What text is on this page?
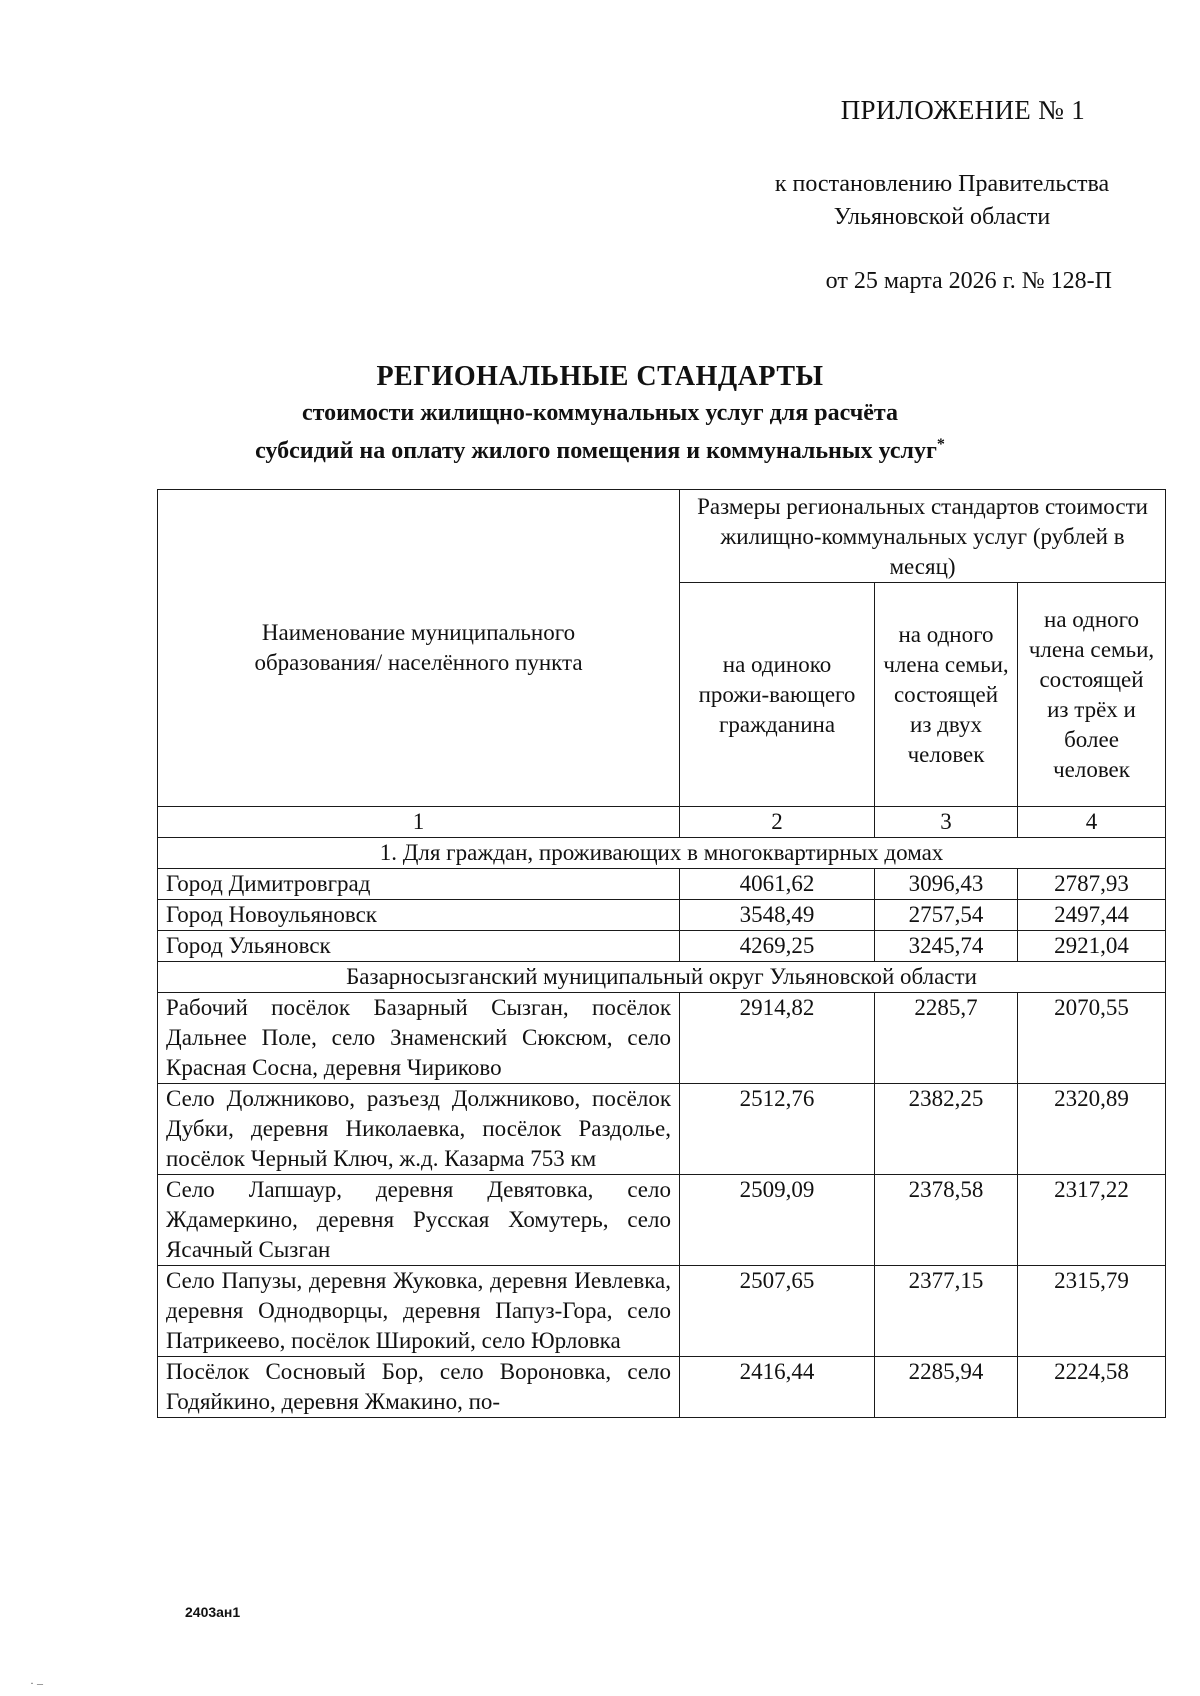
ПРИЛОЖЕНИЕ № 1
к постановлению Правительства
Ульяновской области
от 25 марта 2026 г. № 128-П
РЕГИОНАЛЬНЫЕ СТАНДАРТЫ
стоимости жилищно-коммунальных услуг для расчёта
субсидий на оплату жилого помещения и коммунальных услуг*
Наименование муниципального образования/ населённого пункта	Размеры региональных стандартов стоимости жилищно-коммунальных услуг (рублей в месяц)		
	на одиноко прожи-вающего гражданина	на одного члена семьи, состоящей из двух человек	на одного члена семьи, состоящей из трёх и более человек
1	2	3	4
1. Для граждан, проживающих в многоквартирных домах			
Город Димитровград	4061,62	3096,43	2787,93
Город Новоульяновск	3548,49	2757,54	2497,44
Город Ульяновск	4269,25	3245,74	2921,04
Базарносызганский муниципальный округ Ульяновской области			
Рабочий посёлок Базарный Сызган, посёлок Дальнее Поле, село Знаменский Сюксюм, село Красная Сосна, деревня Чириково	2914,82	2285,7	2070,55
Село Должниково, разъезд Должниково, посёлок Дубки, деревня Николаевка, посёлок Раздолье, посёлок Черный Ключ, ж.д. Казарма 753 км	2512,76	2382,25	2320,89
Село Лапшаур, деревня Девятовка, село Ждамеркино, деревня Русская Хомутерь, село Ясачный Сызган	2509,09	2378,58	2317,22
Село Папузы, деревня Жуковка, деревня Иевлевка, деревня Однодворцы, деревня Папуз-Гора, село Патрикеево, посёлок Широкий, село Юрловка	2507,65	2377,15	2315,79
Посёлок Сосновый Бор, село Вороновка, село Годяйкино, деревня Жмакино, по-	2416,44	2285,94	2224,58
2403ан1
· –
